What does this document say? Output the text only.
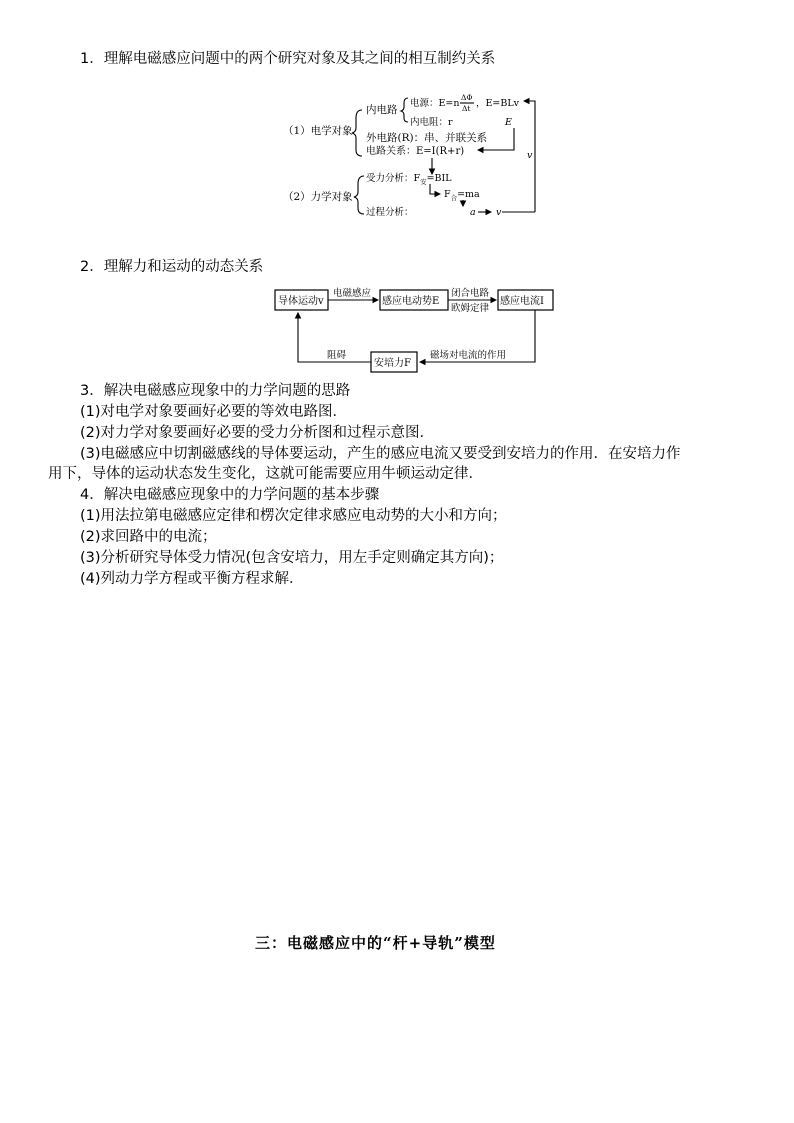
1．理解电磁感应问题中的两个研究对象及其之间的相互制约关系
（1）电学对象
内电路
电源：E=n
ΔΦ
Δt ，E=BLv
内电阻：r	E
外电路(R)：串、并联关系
电路关系：E=I(R+r)	v
（2）力学对象
受力分析：$F_安=BIL$
$F_合=ma$
过程分析：	a v
2．理解力和运动的动态关系
导体运动v
电磁感应
感应电动势E
闭合电路
欧姆定律
感应电流I
磁场对电流的作用
安培力F
阻碍
3．解决电磁感应现象中的力学问题的思路
(1)对电学对象要画好必要的等效电路图．
(2)对力学对象要画好必要的受力分析图和过程示意图．
(3)电磁感应中切割磁感线的导体要运动，产生的感应电流又要受到安培力的作用．在安培力作
用下，导体的运动状态发生变化，这就可能需要应用牛顿运动定律．
4．解决电磁感应现象中的力学问题的基本步骤
(1)用法拉第电磁感应定律和楞次定律求感应电动势的大小和方向；
(2)求回路中的电流；
(3)分析研究导体受力情况(包含安培力，用左手定则确定其方向)；
(4)列动力学方程或平衡方程求解．
三：电磁感应中的“杆+导轨”模型
